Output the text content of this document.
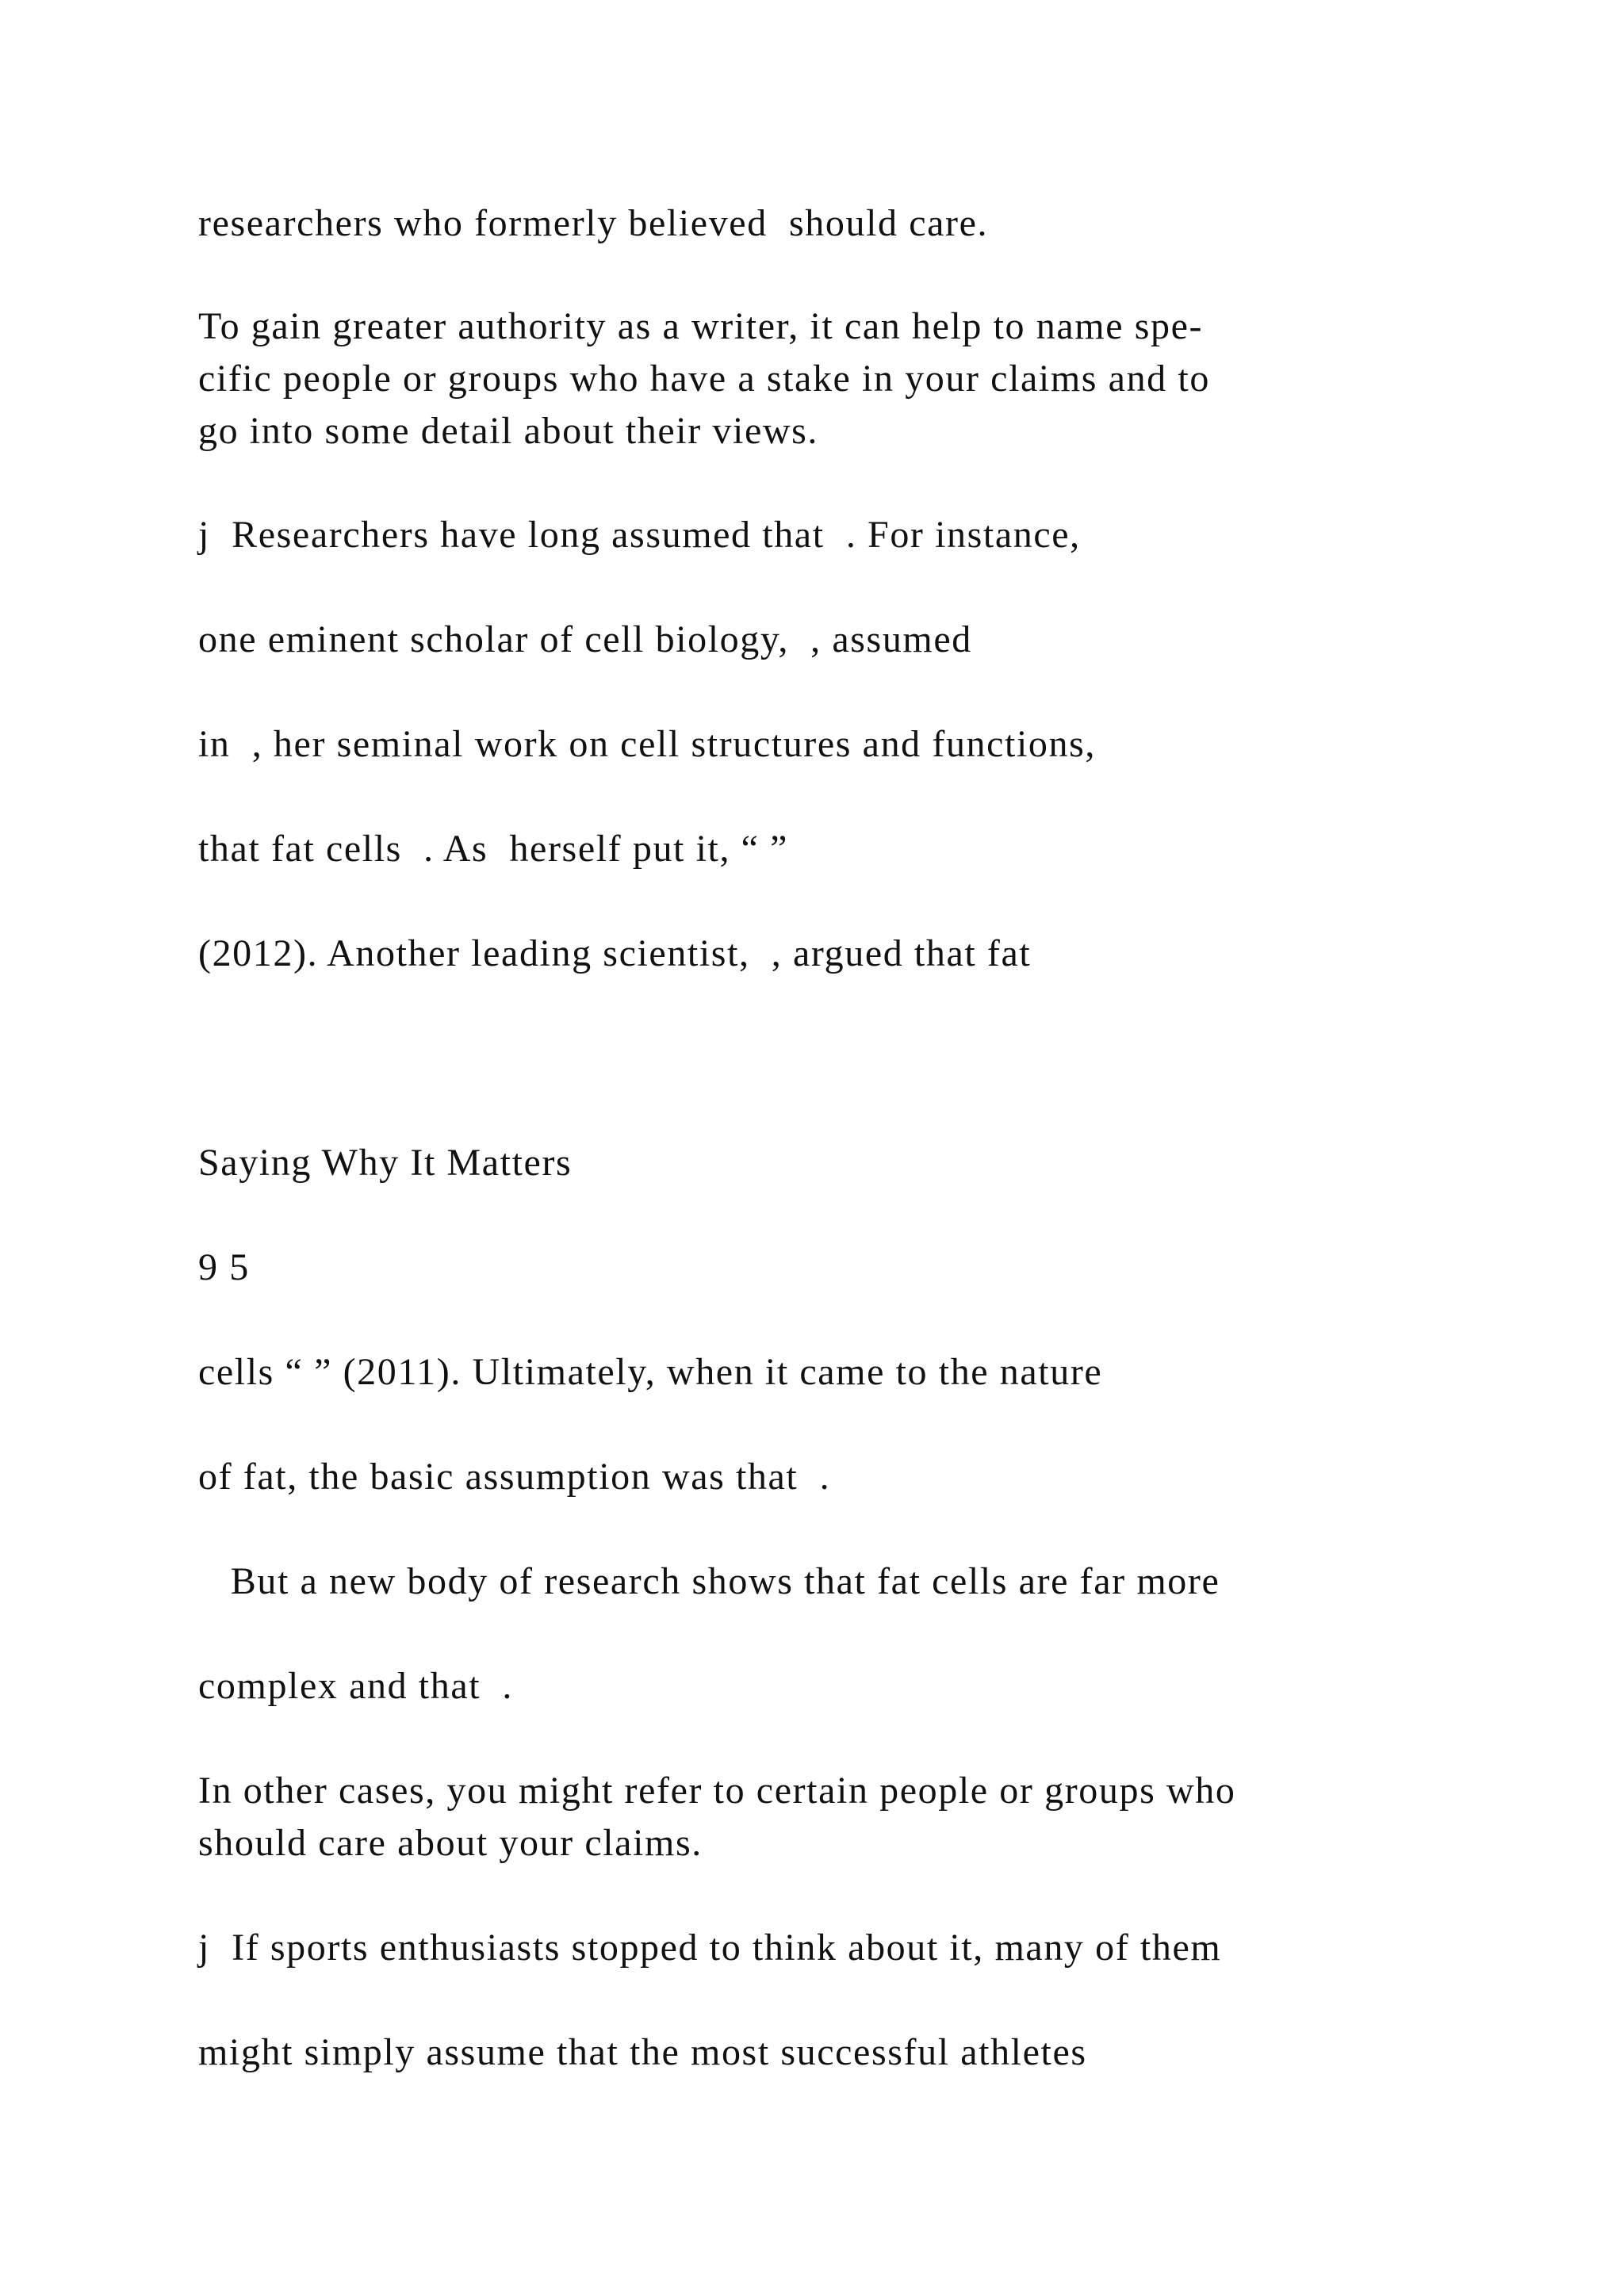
researchers who formerly believed  should care.

To gain greater authority as a writer, it can help to name spe-

cific people or groups who have a stake in your claims and to

go into some detail about their views.

j  Researchers have long assumed that  . For instance,

one eminent scholar of cell biology,  , assumed

in  , her seminal work on cell structures and functions,

that fat cells  . As  herself put it, “ ”

(2012). Another leading scientist,  , argued that fat

Saying Why It Matters

9 5

cells “ ” (2011). Ultimately, when it came to the nature

of fat, the basic assumption was that  .

But a new body of research shows that fat cells are far more

complex and that  .

In other cases, you might refer to certain people or groups who

should care about your claims.

j  If sports enthusiasts stopped to think about it, many of them

might simply assume that the most successful athletes
